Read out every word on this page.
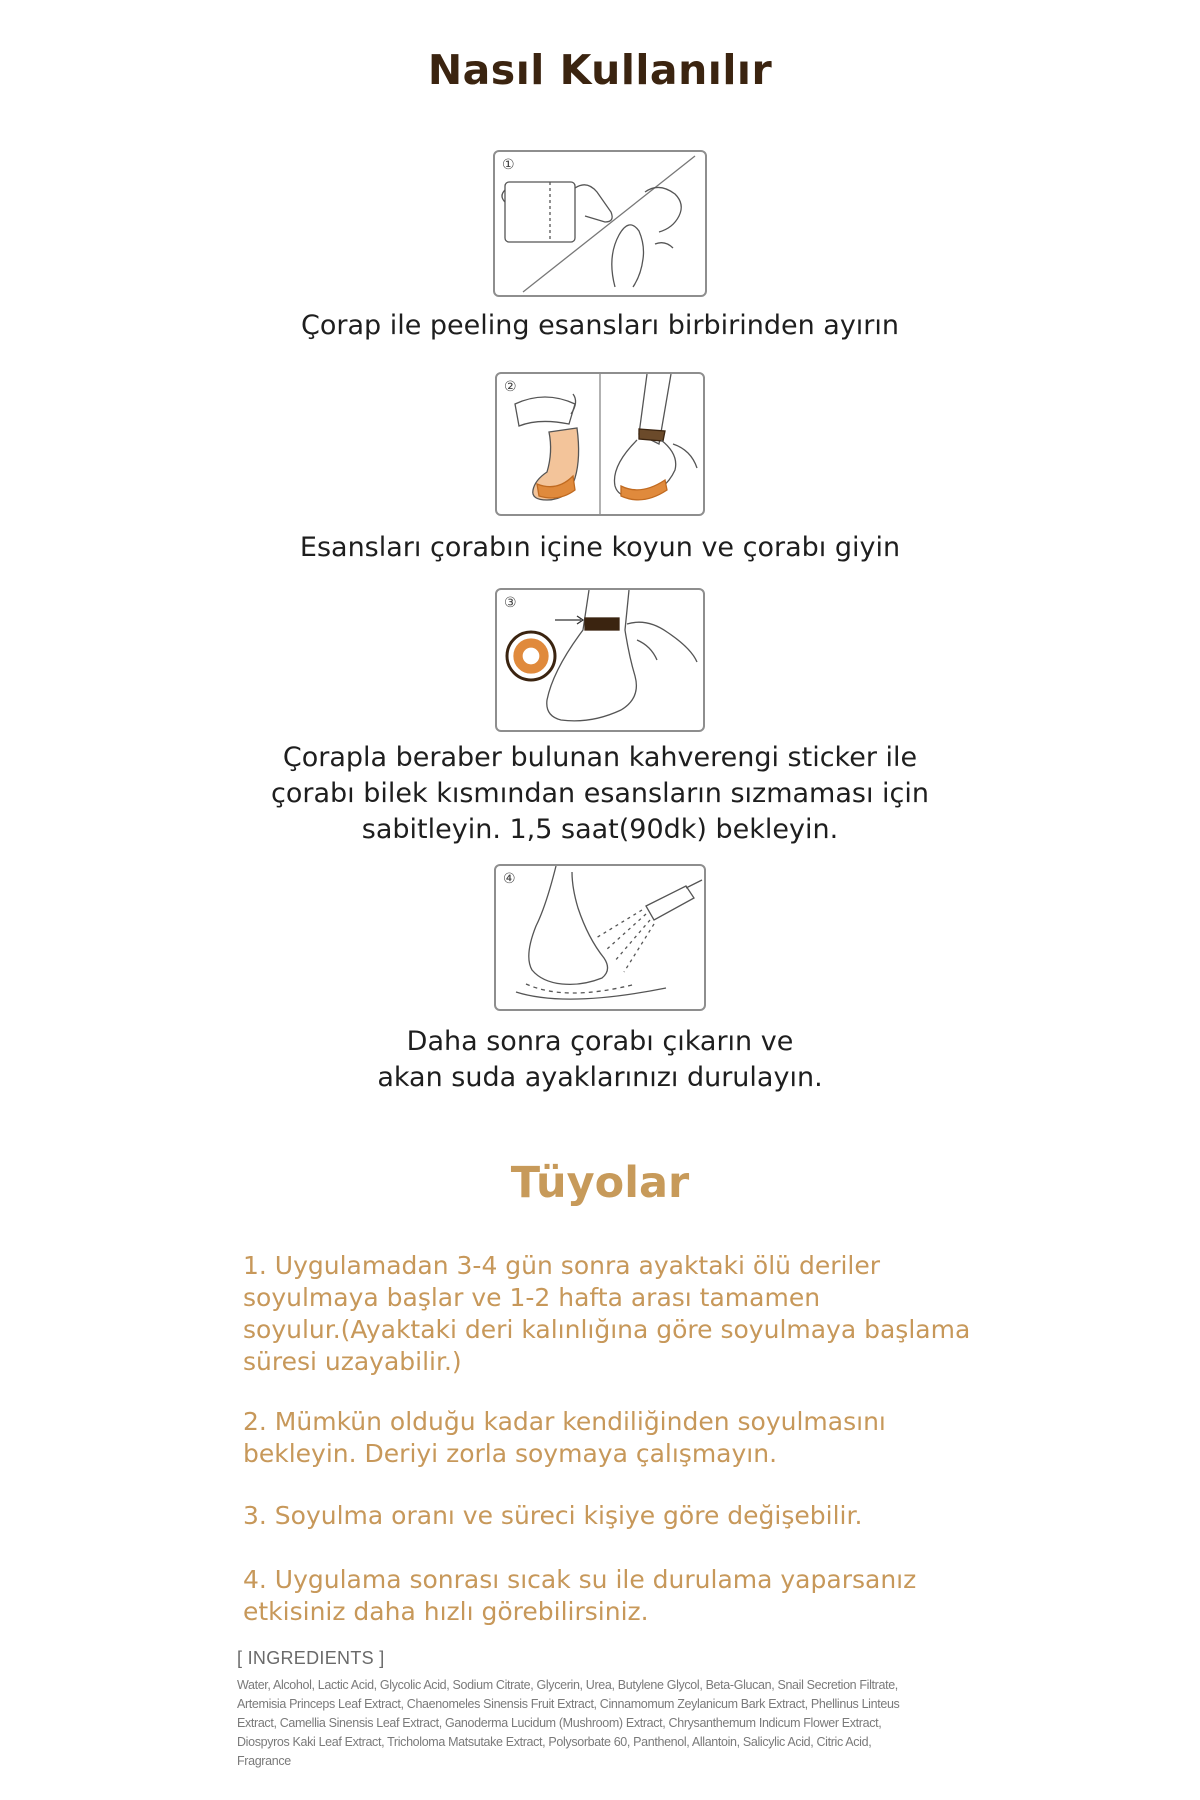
Nasıl Kullanılır
①
Çorap ile peeling esansları birbirinden ayırın
②
Esansları çorabın içine koyun ve çorabı giyin
③
Çorapla beraber bulunan kahverengi sticker ile
çorabı bilek kısmından esansların sızmaması için
sabitleyin. 1,5 saat(90dk) bekleyin.
④
Daha sonra çorabı çıkarın ve
akan suda ayaklarınızı durulayın.
Tüyolar
1. Uygulamadan 3-4 gün sonra ayaktaki ölü deriler
soyulmaya başlar ve 1-2 hafta arası tamamen
soyulur.(Ayaktaki deri kalınlığına göre soyulmaya başlama
süresi uzayabilir.)
2. Mümkün olduğu kadar kendiliğinden soyulmasını
bekleyin. Deriyi zorla soymaya çalışmayın.
3. Soyulma oranı ve süreci kişiye göre değişebilir.
4. Uygulama sonrası sıcak su ile durulama yaparsanız
etkisiniz daha hızlı görebilirsiniz.
[ INGREDIENTS ]
Water, Alcohol, Lactic Acid, Glycolic Acid, Sodium Citrate, Glycerin, Urea, Butylene Glycol, Beta-Glucan, Snail Secretion Filtrate,
Artemisia Princeps Leaf Extract, Chaenomeles Sinensis Fruit Extract, Cinnamomum Zeylanicum Bark Extract, Phellinus Linteus
Extract, Camellia Sinensis Leaf Extract, Ganoderma Lucidum (Mushroom) Extract, Chrysanthemum Indicum Flower Extract,
Diospyros Kaki Leaf Extract, Tricholoma Matsutake Extract, Polysorbate 60, Panthenol, Allantoin, Salicylic Acid, Citric Acid,
Fragrance
